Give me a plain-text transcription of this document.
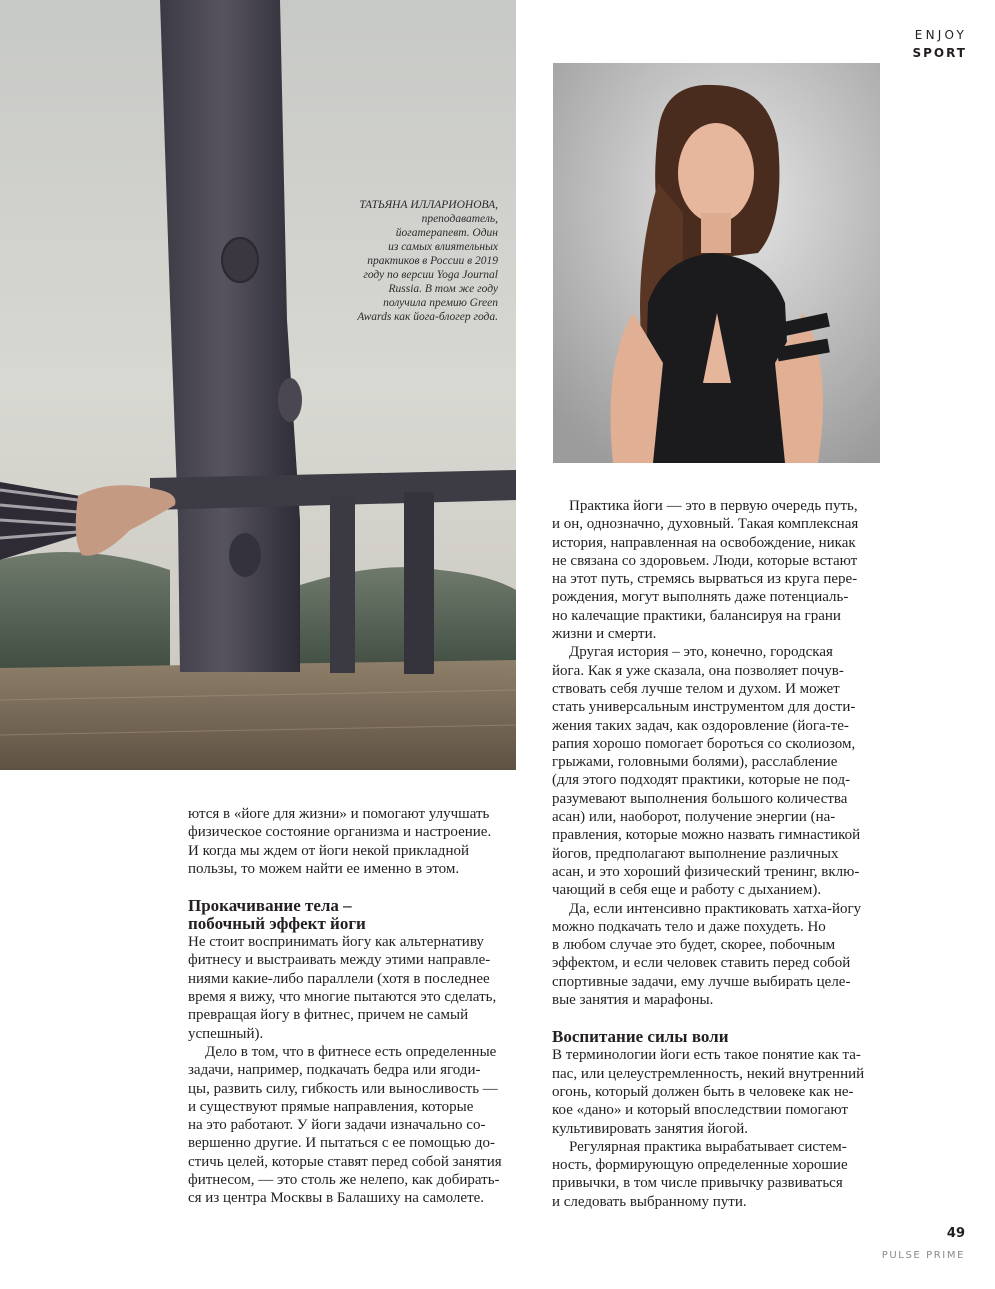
ENJOY
SPORT
ТАТЬЯНА ИЛЛАРИОНОВА,
преподаватель,
йогатерапевт. Один
из самых влиятельных
практиков в России в 2019
году по версии Yoga Journal
Russia. В том же году
получила премию Green
Awards как йога-блогер года.

ются в «йоге для жизни» и помогают улучшать
физическое состояние организма и настроение.
И когда мы ждем от йоги некой прикладной
пользы, то можем найти ее именно в этом.

Прокачивание тела –
побочный эффект йоги

Не стоит воспринимать йогу как альтернативу
фитнесу и выстраивать между этими направле-
ниями какие-либо параллели (хотя в последнее
время я вижу, что многие пытаются это сделать,
превращая йогу в фитнес, причем не самый
успешный).

Дело в том, что в фитнесе есть определенные
задачи, например, подкачать бедра или ягоди-
цы, развить силу, гибкость или выносливость —
и существуют прямые направления, которые
на это работают. У йоги задачи изначально со-
вершенно другие. И пытаться с ее помощью до-
стичь целей, которые ставят перед собой занятия
фитнесом, — это столь же нелепо, как добирать-
ся из центра Москвы в Балашиху на самолете.

Практика йоги — это в первую очередь путь,
и он, однозначно, духовный. Такая комплексная
история, направленная на освобождение, никак
не связана со здоровьем. Люди, которые встают
на этот путь, стремясь вырваться из круга пере-
рождения, могут выполнять даже потенциаль-
но калечащие практики, балансируя на грани
жизни и смерти.

Другая история – это, конечно, городская
йога. Как я уже сказала, она позволяет почув-
ствовать себя лучше телом и духом. И может
стать универсальным инструментом для дости-
жения таких задач, как оздоровление (йога-те-
рапия хорошо помогает бороться со сколиозом,
грыжами, головными болями), расслабление
(для этого подходят практики, которые не под-
разумевают выполнения большого количества
асан) или, наоборот, получение энергии (на-
правления, которые можно назвать гимнастикой
йогов, предполагают выполнение различных
асан, и это хороший физический тренинг, вклю-
чающий в себя еще и работу с дыханием).

Да, если интенсивно практиковать хатха-йогу
можно подкачать тело и даже похудеть. Но
в любом случае это будет, скорее, побочным
эффектом, и если человек ставить перед собой
спортивные задачи, ему лучше выбирать целе-
вые занятия и марафоны.

Воспитание силы воли

В терминологии йоги есть такое понятие как та-
пас, или целеустремленность, некий внутренний
огонь, который должен быть в человеке как не-
кое «дано» и который впоследствии помогают
культивировать занятия йогой.

Регулярная практика вырабатывает систем-
ность, формирующую определенные хорошие
привычки, в том числе привычку развиваться
и следовать выбранному пути.

49
PULSE PRIME
